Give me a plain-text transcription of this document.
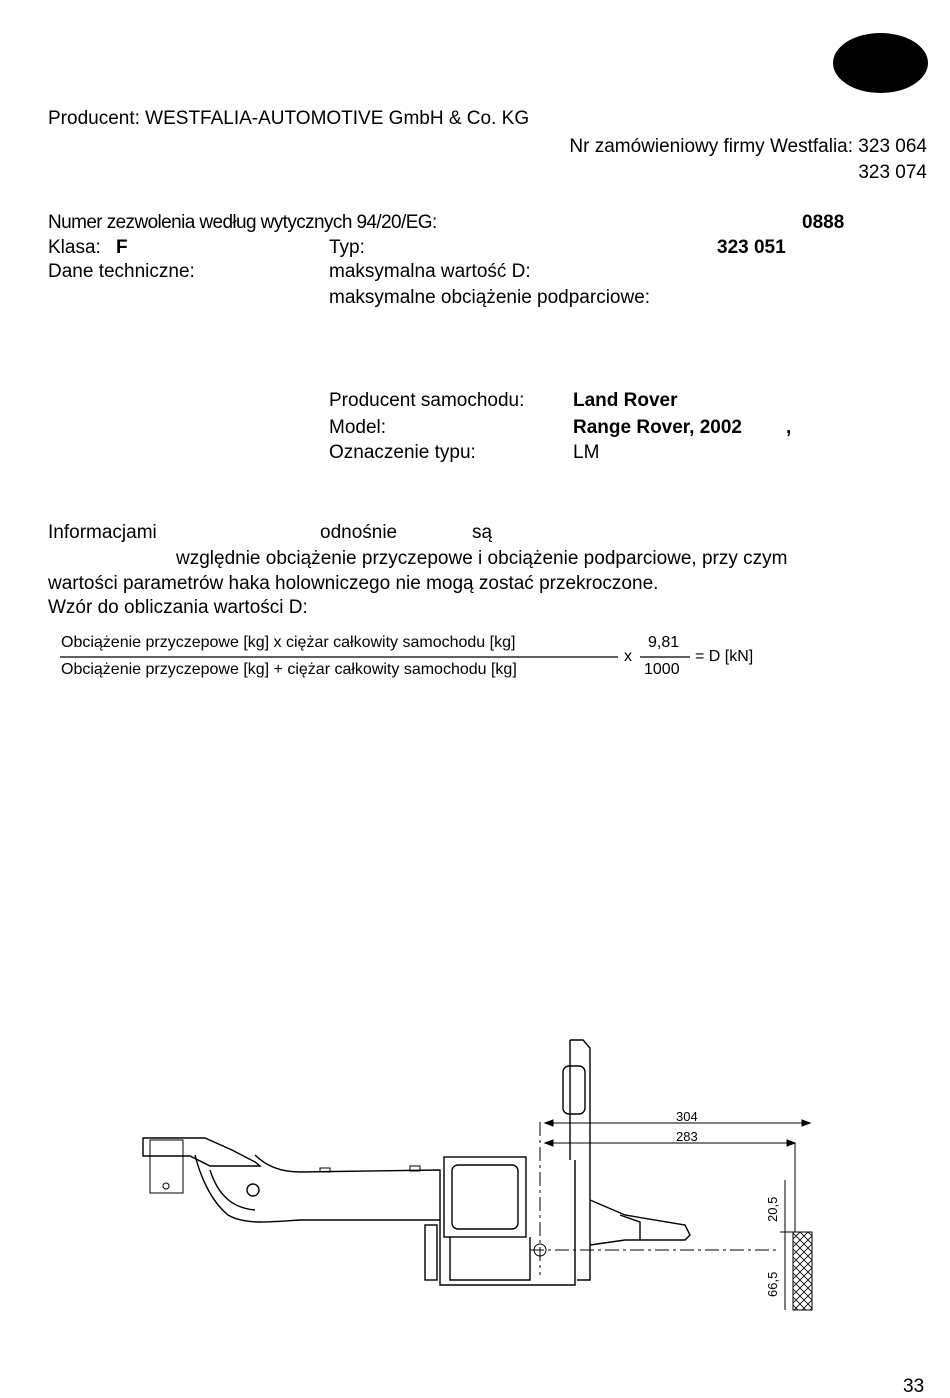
Producent: WESTFALIA-AUTOMOTIVE GmbH & Co. KG
Nr zamówieniowy firmy Westfalia: 323 064
323 074
Numer zezwolenia według wytycznych 94/20/EG:	0888
Klasa: F	Typ:	323 051
Dane techniczne:	maksymalna wartość D:
maksymalne obciążenie podparciowe:
Producent samochodu:	Land Rover
Model:	Range Rover, 2002 ,
Oznaczenie typu:	LM
Informacjami	odnośnie	są
względnie obciążenie przyczepowe i obciążenie podparciowe, przy czym
wartości parametrów haka holowniczego nie mogą zostać przekroczone.
Wzór do obliczania wartości D:
Obciążenie przyczepowe [kg] x ciężar całkowity samochodu [kg]
Obciążenie przyczepowe [kg] + ciężar całkowity samochodu [kg]
x
9,81
1000
= D [kN]
304
283
20,5
66,5
33
